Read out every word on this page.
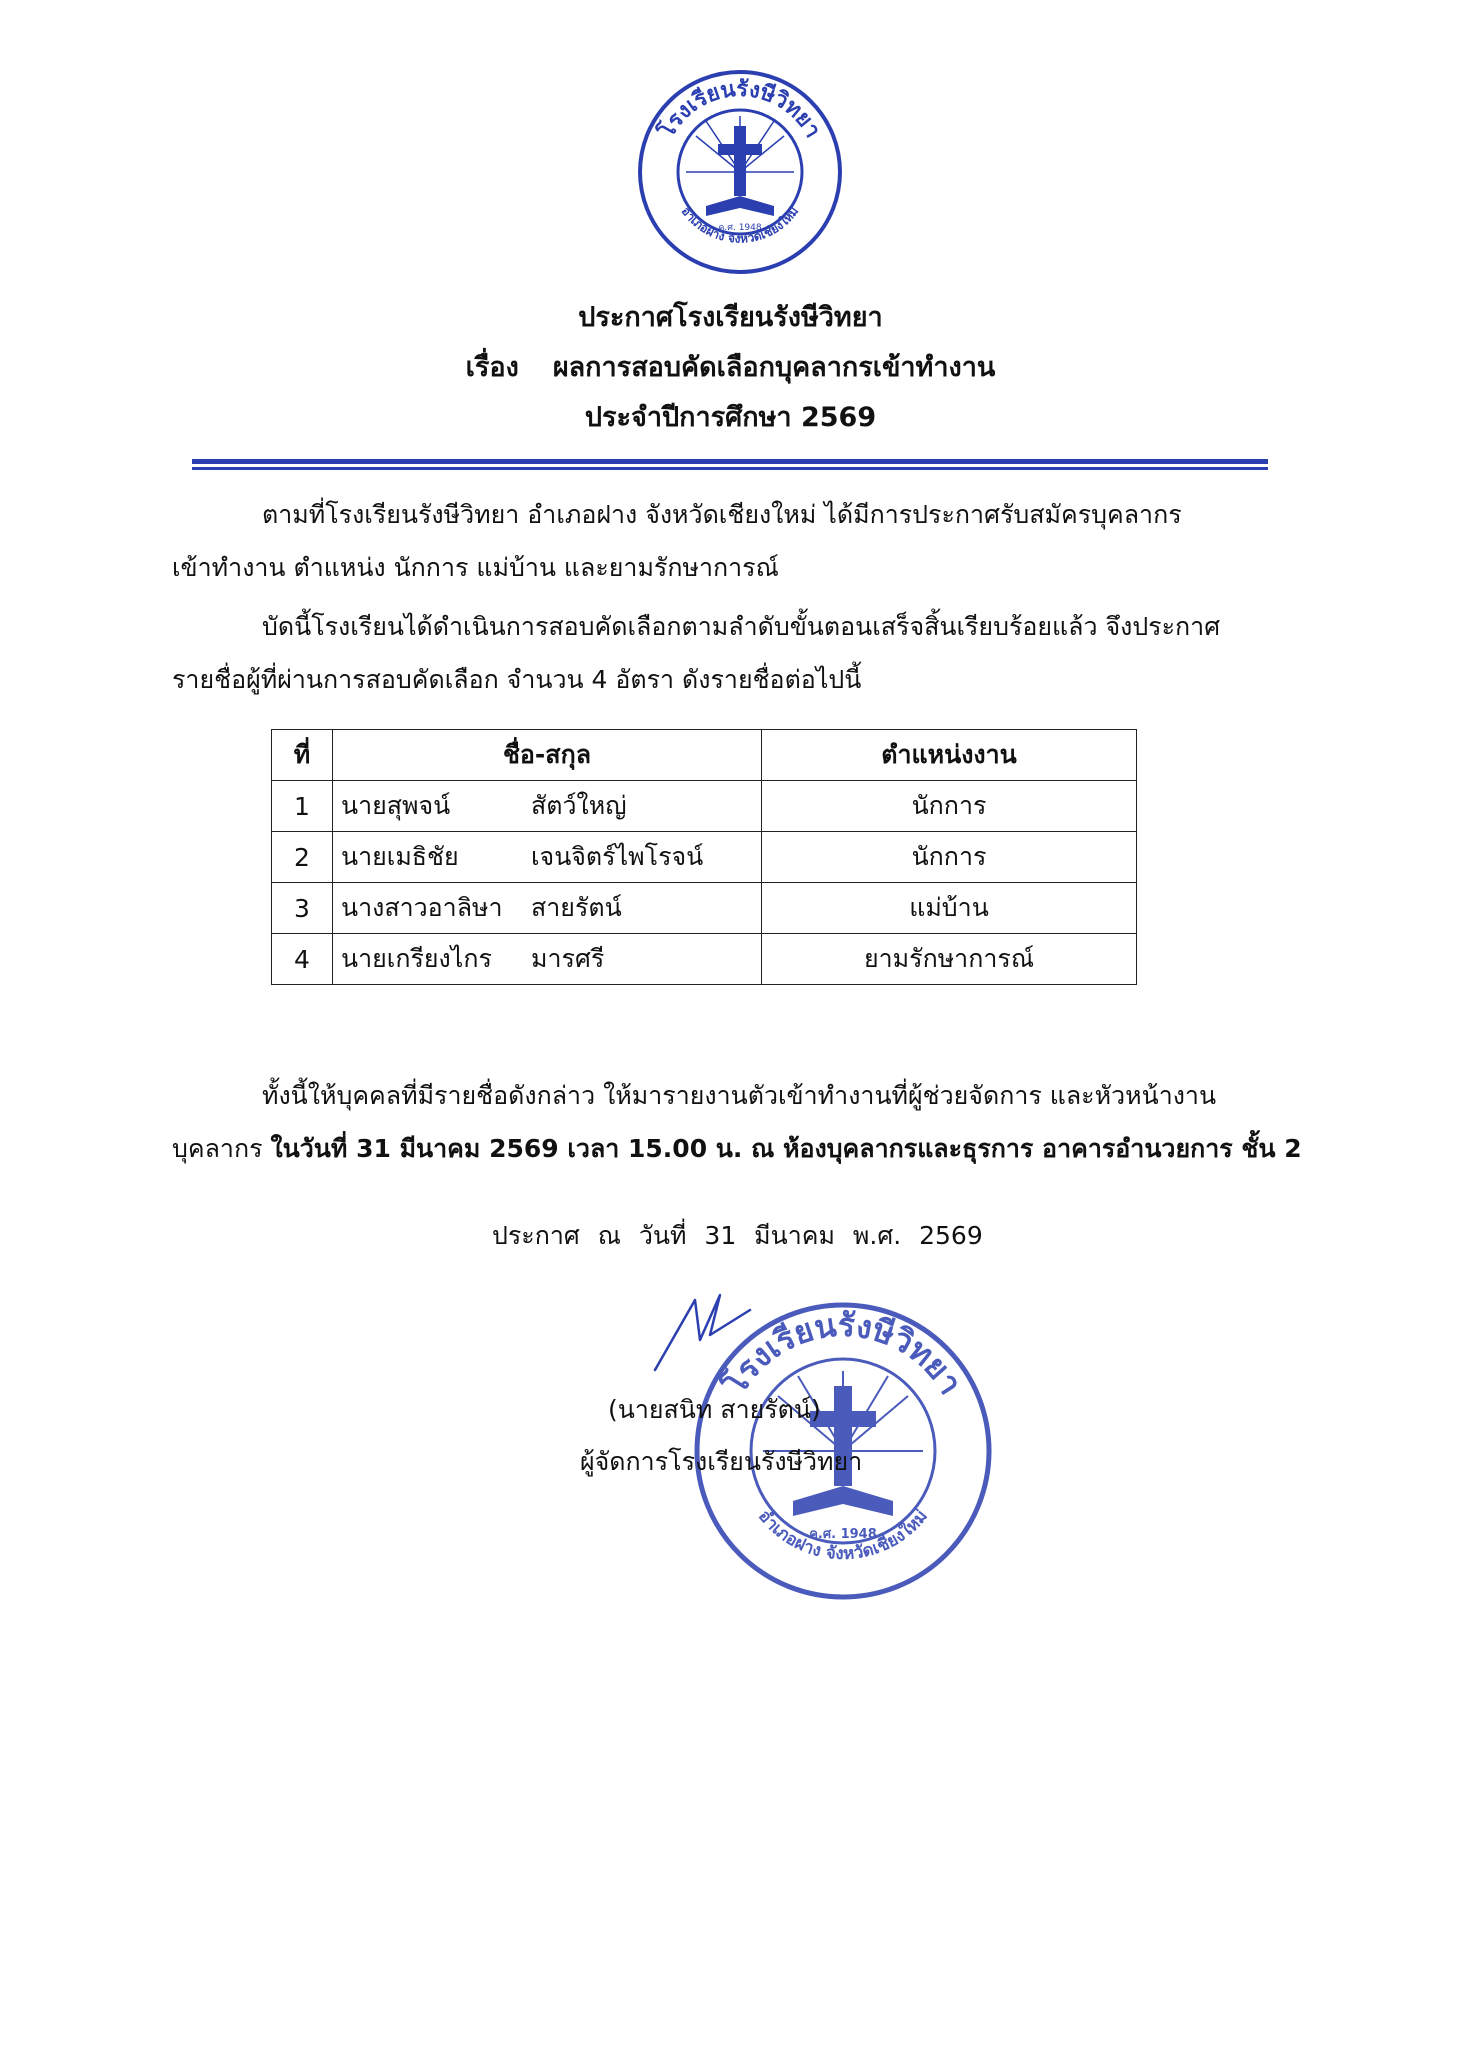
โรงเรียนรังษีวิทยา
อำเภอฝาง จังหวัดเชียงใหม่
ค.ศ. 1948
ประกาศโรงเรียนรังษีวิทยา
เรื่อง ผลการสอบคัดเลือกบุคลากรเข้าทำงาน
ประจำปีการศึกษา 2569
ตามที่โรงเรียนรังษีวิทยา อำเภอฝาง จังหวัดเชียงใหม่ ได้มีการประกาศรับสมัครบุคลากร
เข้าทำงาน ตำแหน่ง นักการ แม่บ้าน และยามรักษาการณ์
บัดนี้โรงเรียนได้ดำเนินการสอบคัดเลือกตามลำดับขั้นตอนเสร็จสิ้นเรียบร้อยแล้ว จึงประกาศ
รายชื่อผู้ที่ผ่านการสอบคัดเลือก จำนวน 4 อัตรา ดังรายชื่อต่อไปนี้
ที่	ชื่อ-สกุล	ตำแหน่งงาน
1	นายสุพจน์ สัตว์ใหญ่	นักการ
2	นายเมธิชัย เจนจิตร์ไพโรจน์	นักการ
3	นางสาวอาลิษา สายรัตน์	แม่บ้าน
4	นายเกรียงไกร มารศรี	ยามรักษาการณ์
ทั้งนี้ให้บุคคลที่มีรายชื่อดังกล่าว ให้มารายงานตัวเข้าทำงานที่ผู้ช่วยจัดการ และหัวหน้างาน
บุคลากร ในวันที่ 31 มีนาคม 2569 เวลา 15.00 น. ณ ห้องบุคลากรและธุรการ อาคารอำนวยการ ชั้น 2
ประกาศ ณ วันที่ 31 มีนาคม พ.ศ. 2569
โรงเรียนรังษีวิทยา
อำเภอฝาง จังหวัดเชียงใหม่
ค.ศ. 1948
(นายสนิท สายรัตน์)
ผู้จัดการโรงเรียนรังษีวิทยา
